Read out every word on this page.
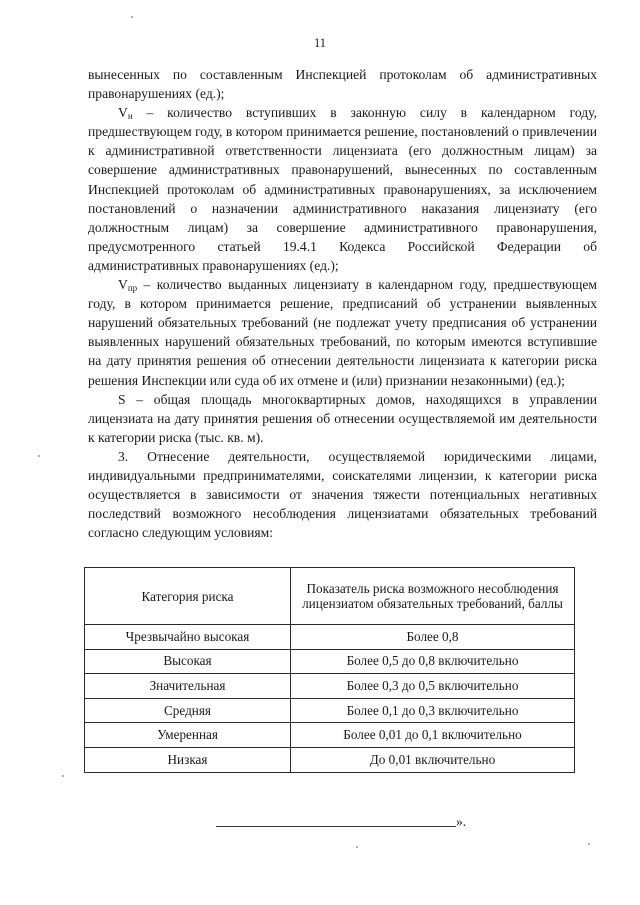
11

вынесенных по составленным Инспекцией протоколам об административных правонарушениях (ед.);

$V_н$ – количество вступивших в законную силу в календарном году, предшествующем году, в котором принимается решение, постановлений о привлечении к административной ответственности лицензиата (его должностным лицам) за совершение административных правонарушений, вынесенных по составленным Инспекцией протоколам об административных правонарушениях, за исключением постановлений о назначении административного наказания лицензиату (его должностным лицам) за совершение административного правонарушения, предусмотренного статьей 19.4.1 Кодекса Российской Федерации об административных правонарушениях (ед.);

$V_{пр}$ – количество выданных лицензиату в календарном году, предшествующем году, в котором принимается решение, предписаний об устранении выявленных нарушений обязательных требований (не подлежат учету предписания об устранении выявленных нарушений обязательных требований, по которым имеются вступившие на дату принятия решения об отнесении деятельности лицензиата к категории риска решения Инспекции или суда об их отмене и (или) признании незаконными) (ед.);

S – общая площадь многоквартирных домов, находящихся в управлении лицензиата на дату принятия решения об отнесении осуществляемой им деятельности к категории риска (тыс. кв. м).

3. Отнесение деятельности, осуществляемой юридическими лицами, индивидуальными предпринимателями, соискателями лицензии, к категории риска осуществляется в зависимости от значения тяжести потенциальных негативных последствий возможного несоблюдения лицензиатами обязательных требований согласно следующим условиям:

Категория риска	Показатель риска возможного несоблюдения лицензиатом обязательных требований, баллы
Чрезвычайно высокая	Более 0,8
Высокая	Более 0,5 до 0,8 включительно
Значительная	Более 0,3 до 0,5 включительно
Средняя	Более 0,1 до 0,3 включительно
Умеренная	Более 0,01 до 0,1 включительно
Низкая	До 0,01 включительно
».
